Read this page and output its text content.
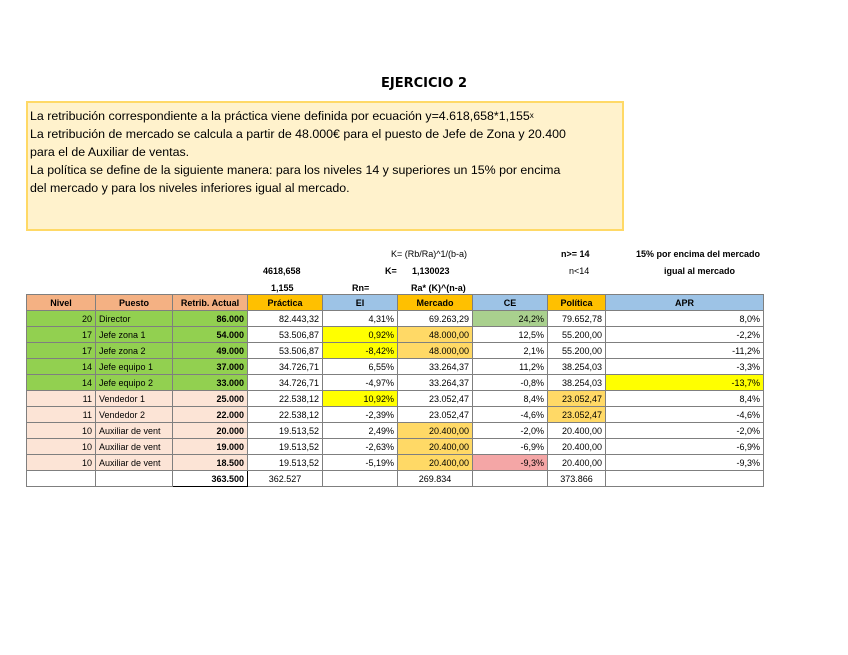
EJERCICIO 2
La retribución correspondiente a la práctica viene definida por ecuación $y=4.618,658*1,155^x$
La retribución de mercado se calcula a partir de 48.000€ para el puesto de Jefe de Zona y 20.400
para el de Auxiliar de ventas.
La política se define de la siguiente manera: para los niveles 14 y superiores un 15% por encima
del mercado y para los niveles inferiores igual al mercado.
K= (Rb/Ra)^1/(b-a)	n>= 14	15% por encima del mercado
4618,658	K= 1,130023	n<14	igual al mercado
1,155	Rn=	Ra* (K)^(n-a)
Nivel	Puesto	Retrib. Actual	Práctica	EI	Mercado	CE	Política	APR
20	Director	86.000	82.443,32	4,31%	69.263,29	24,2%	79.652,78	8,0%
17	Jefe zona 1	54.000	53.506,87	0,92%	48.000,00	12,5%	55.200,00	-2,2%
17	Jefe zona 2	49.000	53.506,87	-8,42%	48.000,00	2,1%	55.200,00	-11,2%
14	Jefe equipo 1	37.000	34.726,71	6,55%	33.264,37	11,2%	38.254,03	-3,3%
14	Jefe equipo 2	33.000	34.726,71	-4,97%	33.264,37	-0,8%	38.254,03	-13,7%
11	Vendedor 1	25.000	22.538,12	10,92%	23.052,47	8,4%	23.052,47	8,4%
11	Vendedor 2	22.000	22.538,12	-2,39%	23.052,47	-4,6%	23.052,47	-4,6%
10	Auxiliar de vent	20.000	19.513,52	2,49%	20.400,00	-2,0%	20.400,00	-2,0%
10	Auxiliar de vent	19.000	19.513,52	-2,63%	20.400,00	-6,9%	20.400,00	-6,9%
10	Auxiliar de vent	18.500	19.513,52	-5,19%	20.400,00	-9,3%	20.400,00	-9,3%
		363.500	362.527		269.834		373.866	
